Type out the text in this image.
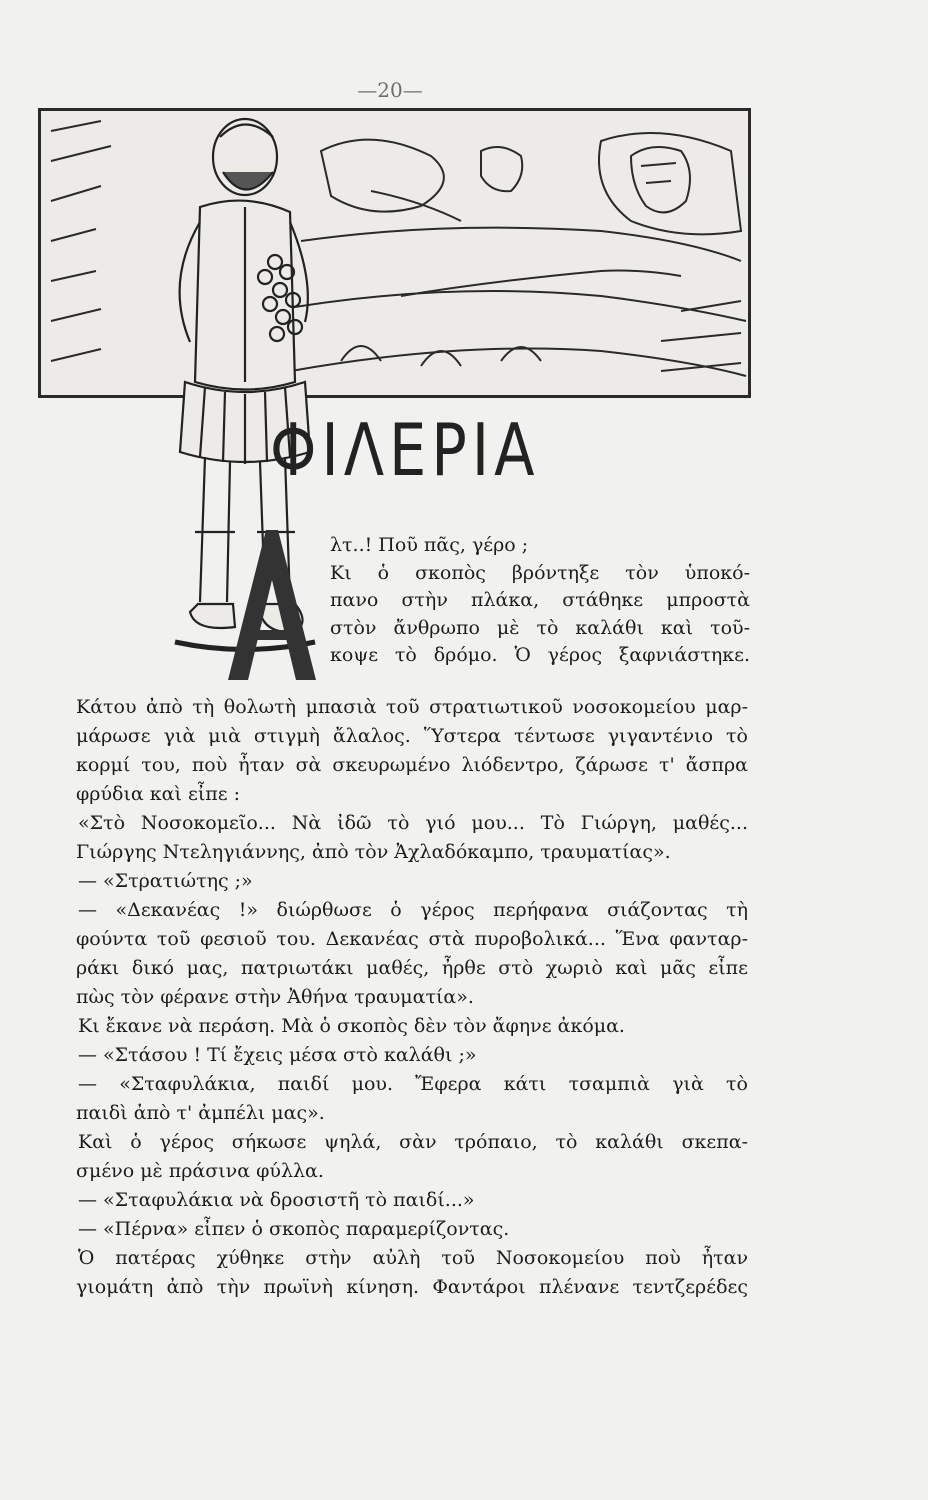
—20—
ΦΙΛΕΡΙΑ
Α
λτ..! Ποῦ πᾶς, γέρο ;
Κι ὁ σκοπὸς βρόντηξε τὸν ὑποκό-
πανο στὴν πλάκα, στάθηκε μπροστὰ
στὸν ἄνθρωπο μὲ τὸ καλάθι καὶ τοῦ-
κοψε τὸ δρόμο. Ὁ γέρος ξαφνιάστηκε.
Κάτου ἀπὸ τὴ θολωτὴ μπασιὰ τοῦ στρατιωτικοῦ νοσοκομείου μαρ-
μάρωσε γιὰ μιὰ στιγμὴ ἄλαλος. Ὕστερα τέντωσε γιγαντένιο τὸ
κορμί του, ποὺ ἦταν σὰ σκευρωμένο λιόδεντρο, ζάρωσε τ' ἄσπρα
φρύδια καὶ εἶπε :
«Στὸ Νοσοκομεῖο... Νὰ ἰδῶ τὸ γιό μου... Τὸ Γιώργη, μαθές...
Γιώργης Ντεληγιάννης, ἀπὸ τὸν Ἀχλαδόκαμπο, τραυματίας».
— «Στρατιώτης ;»
— «Δεκανέας !» διώρθωσε ὁ γέρος περήφανα σιάζοντας τὴ
φούντα τοῦ φεσιοῦ του. Δεκανέας στὰ πυροβολικά... Ἕνα φανταρ-
ράκι δικό μας, πατριωτάκι μαθές, ἦρθε στὸ χωριὸ καὶ μᾶς εἶπε
πὼς τὸν φέρανε στὴν Ἀθήνα τραυματία».
Κι ἔκανε νὰ περάση. Μὰ ὁ σκοπὸς δὲν τὸν ἄφηνε ἀκόμα.
— «Στάσου ! Τί ἔχεις μέσα στὸ καλάθι ;»
— «Σταφυλάκια, παιδί μου. Ἔφερα κάτι τσαμπιὰ γιὰ τὸ
παιδὶ ἀπὸ τ' ἀμπέλι μας».
Καὶ ὁ γέρος σήκωσε ψηλά, σὰν τρόπαιο, τὸ καλάθι σκεπα-
σμένο μὲ πράσινα φύλλα.
— «Σταφυλάκια νὰ δροσιστῆ τὸ παιδί...»
— «Πέρνα» εἶπεν ὁ σκοπὸς παραμερίζοντας.
Ὁ πατέρας χύθηκε στὴν αὐλὴ τοῦ Νοσοκομείου ποὺ ἦταν
γιομάτη ἀπὸ τὴν πρωϊνὴ κίνηση. Φαντάροι πλένανε τεντζερέδες
